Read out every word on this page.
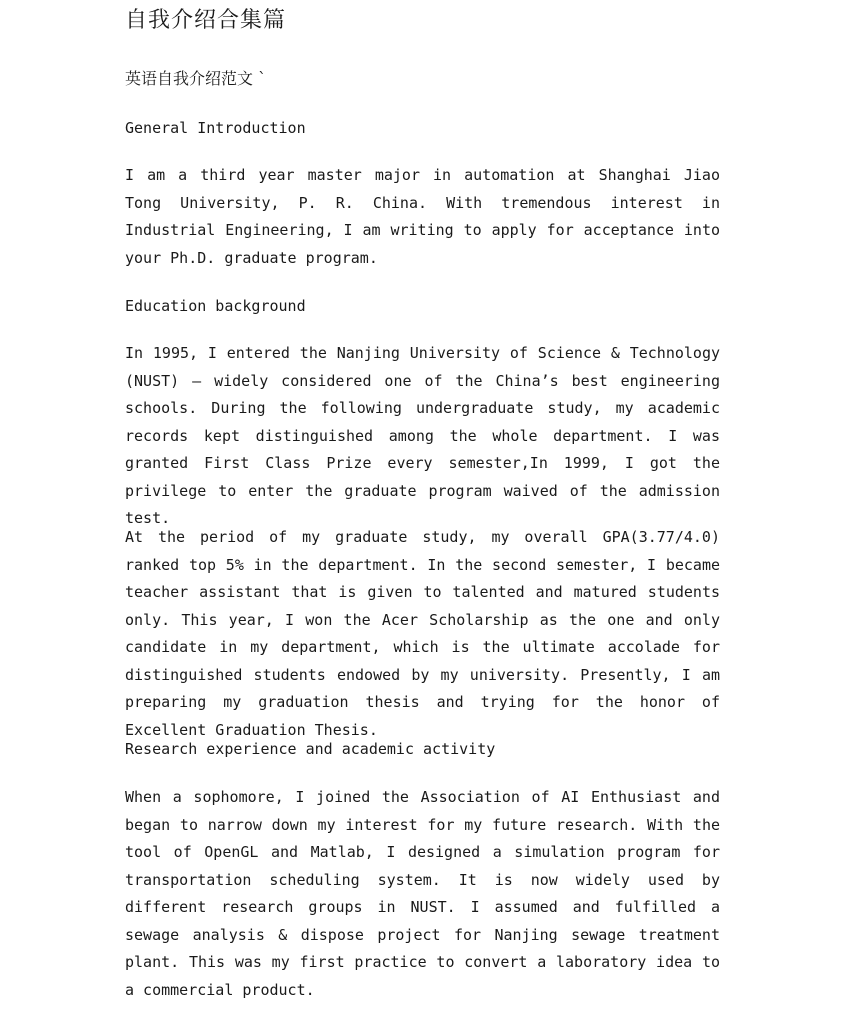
自我介绍合集篇
英语自我介绍范文 `
General Introduction

I am a third year master major in automation at Shanghai Jiao Tong University, P. R. China. With tremendous interest in Industrial Engineering, I am writing to apply for acceptance into your Ph.D. graduate program.

Education background

In 1995, I entered the Nanjing University of Science & Technology (NUST) — widely considered one of the China’s best engineering schools. During the following undergraduate study, my academic records kept distinguished among the whole department. I was granted First Class Prize every semester,In 1999, I got the privilege to enter the graduate program waived of the admission test.

At the period of my graduate study, my overall GPA(3.77/4.0) ranked top 5% in the department. In the second semester, I became teacher assistant that is given to talented and matured students only. This year, I won the Acer Scholarship as the one and only candidate in my department, which is the ultimate accolade for distinguished students endowed by my university. Presently, I am preparing my graduation thesis and trying for the honor of Excellent Graduation Thesis.

Research experience and academic activity

When a sophomore, I joined the Association of AI Enthusiast and began to narrow down my interest for my future research. With the tool of OpenGL and Matlab, I designed a simulation program for transportation scheduling system. It is now widely used by different research groups in NUST. I assumed and fulfilled a sewage analysis & dispose project for Nanjing sewage treatment plant. This was my first practice to convert a laboratory idea to a commercial product.
